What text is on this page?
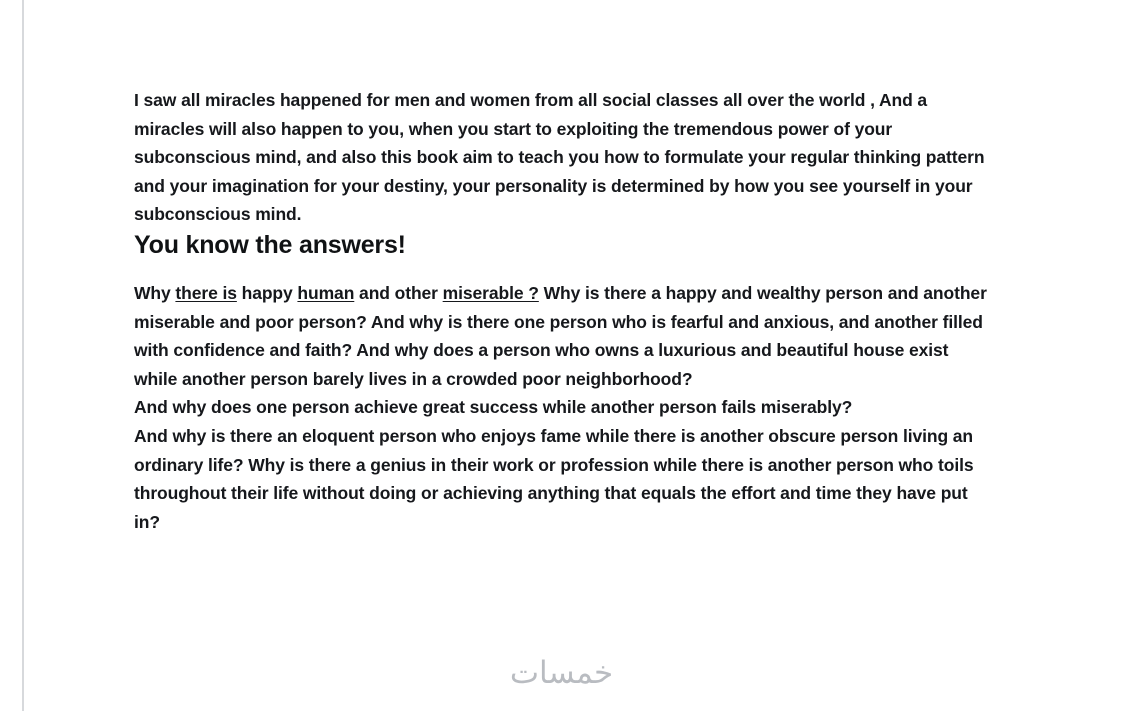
I saw all miracles happened for men and women from all social classes all over the world , And a miracles will also happen to you, when you start to exploiting the tremendous power of your subconscious mind, and also this book aim to teach you how to formulate your regular thinking pattern and your imagination for your destiny, your personality is determined by how you see yourself in your subconscious mind.

You know the answers!

Why there is happy human and other miserable ? Why is there a happy and wealthy person and another miserable and poor person? And why is there one person who is fearful and anxious, and another filled with confidence and faith? And why does a person who owns a luxurious and beautiful house exist while another person barely lives in a crowded poor neighborhood?

And why does one person achieve great success while another person fails miserably?

And why is there an eloquent person who enjoys fame while there is another obscure person living an ordinary life? Why is there a genius in their work or profession while there is another person who toils throughout their life without doing or achieving anything that equals the effort and time they have put in?

خمسات
